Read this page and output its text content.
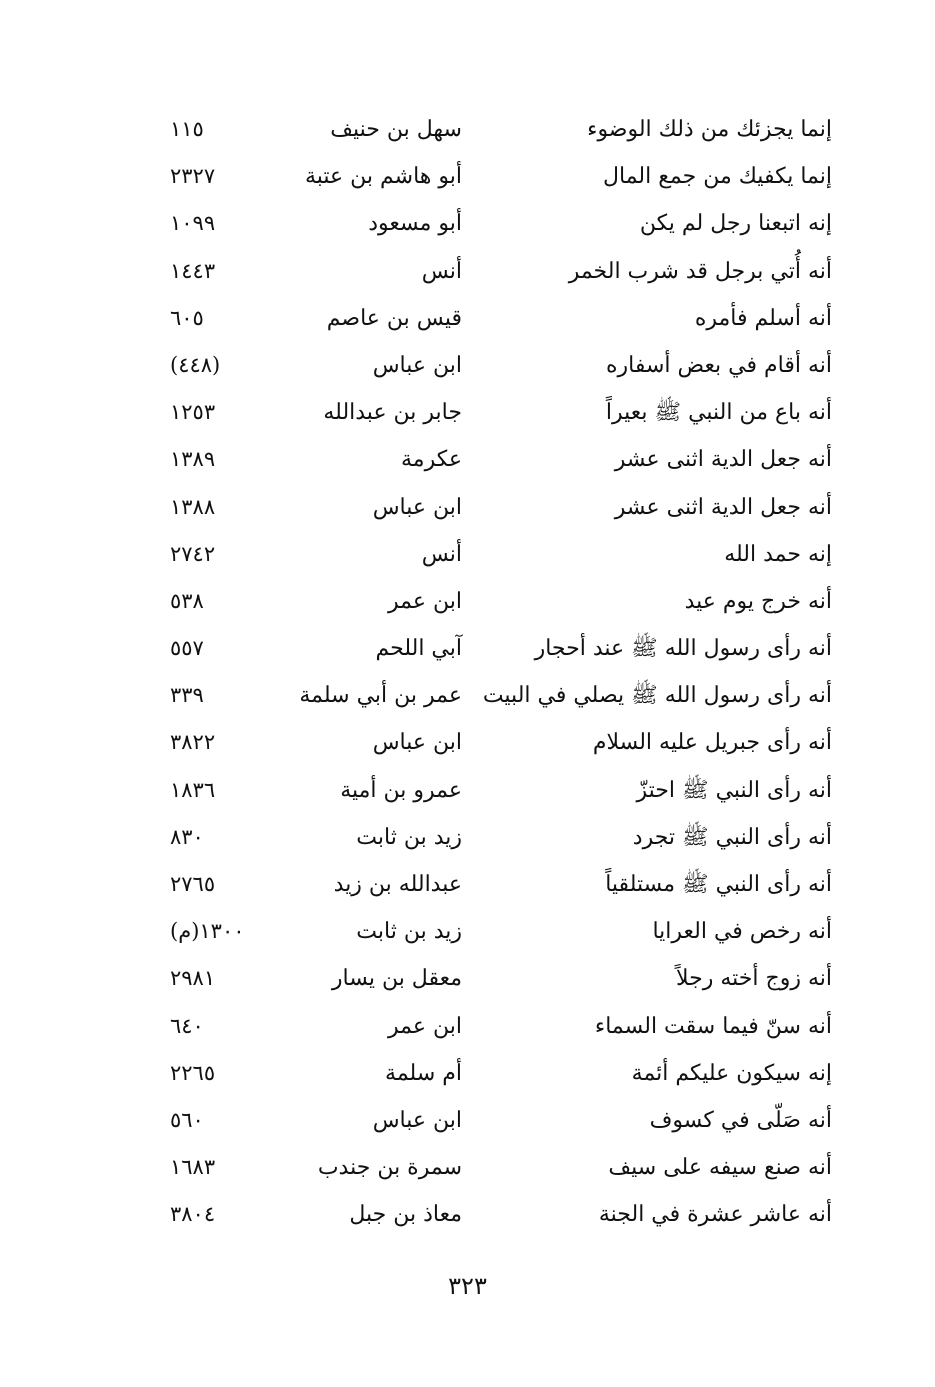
إنما يجزئك من ذلك الوضوء
سهل بن حنيف
١١٥
إنما يكفيك من جمع المال
أبو هاشم بن عتبة
٢٣٢٧
إنه اتبعنا رجل لم يكن
أبو مسعود
١٠٩٩
أنه أُتي برجل قد شرب الخمر
أنس
١٤٤٣
أنه أسلم فأمره
قيس بن عاصم
٦٠٥
أنه أقام في بعض أسفاره
ابن عباس
(٤٤٨)
أنه باع من النبي ﷺ بعيراً
جابر بن عبدالله
١٢٥٣
أنه جعل الدية اثنى عشر
عكرمة
١٣٨٩
أنه جعل الدية اثنى عشر
ابن عباس
١٣٨٨
إنه حمد الله
أنس
٢٧٤٢
أنه خرج يوم عيد
ابن عمر
٥٣٨
أنه رأى رسول الله ﷺ عند أحجار
آبي اللحم
٥٥٧
أنه رأى رسول الله ﷺ يصلي في البيت
عمر بن أبي سلمة
٣٣٩
أنه رأى جبريل عليه السلام
ابن عباس
٣٨٢٢
أنه رأى النبي ﷺ احتزّ
عمرو بن أمية
١٨٣٦
أنه رأى النبي ﷺ تجرد
زيد بن ثابت
٨٣٠
أنه رأى النبي ﷺ مستلقياً
عبدالله بن زيد
٢٧٦٥
أنه رخص في العرايا
زيد بن ثابت
١٣٠٠(م)
أنه زوج أخته رجلاً
معقل بن يسار
٢٩٨١
أنه سنّ فيما سقت السماء
ابن عمر
٦٤٠
إنه سيكون عليكم أئمة
أم سلمة
٢٢٦٥
أنه صَلّى في كسوف
ابن عباس
٥٦٠
أنه صنع سيفه على سيف
سمرة بن جندب
١٦٨٣
أنه عاشر عشرة في الجنة
معاذ بن جبل
٣٨٠٤
٣٢٣
